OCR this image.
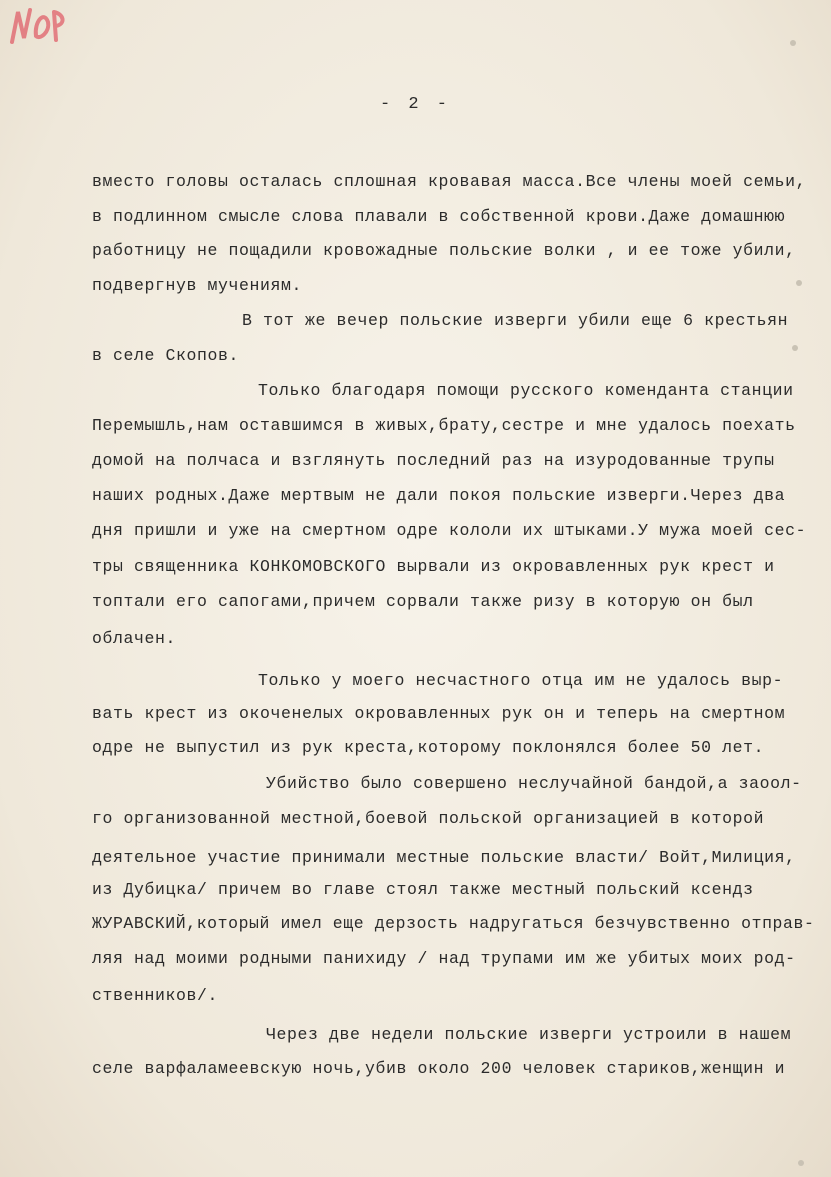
- 2 -
вместо головы осталась сплошная кровавая масса.Все члены моей семьи,
в подлинном смысле слова плавали в собственной крови.Даже домашнюю
работницу не пощадили кровожадные польские волки , и ее тоже убили,
подвергнув мучениям.
В тот же вечер польские изверги убили еще 6 крестьян
в селе Скопов.
Только благодаря помощи русского коменданта станции
Перемышль,нам оставшимся в живых,брату,сестре и мне удалось поехать
домой на полчаса и взглянуть последний раз на изуродованные трупы
наших родных.Даже мертвым не дали покоя польские изверги.Через два
дня пришли и уже на смертном одре кололи их штыками.У мужа моей сес-
тры священника КОНКОМОВСКОГО вырвали из окровавленных рук крест и
топтали его сапогами,причем сорвали также ризу в которую он был
облачен.
Только у моего несчастного отца им не удалось выр-
вать крест из окоченелых окровавленных рук он и теперь на смертном
одре не выпустил из рук креста,которому поклонялся более 50 лет.
Убийство было совершено неслучайной бандой,а заоол-
го организованной местной,боевой польской организацией в которой
деятельное участие принимали местные польские власти/ Войт,Милиция,
из Дубицка/ причем во главе стоял также местный польский ксендз
ЖУРАВСКИЙ,который имел еще дерзость надругаться безчувственно отправ-
ляя над моими родными панихиду / над трупами им же убитых моих род-
ственников/.
Через две недели польские изверги устроили в нашем
селе варфаламеевскую ночь,убив около 200 человек стариков,женщин и
